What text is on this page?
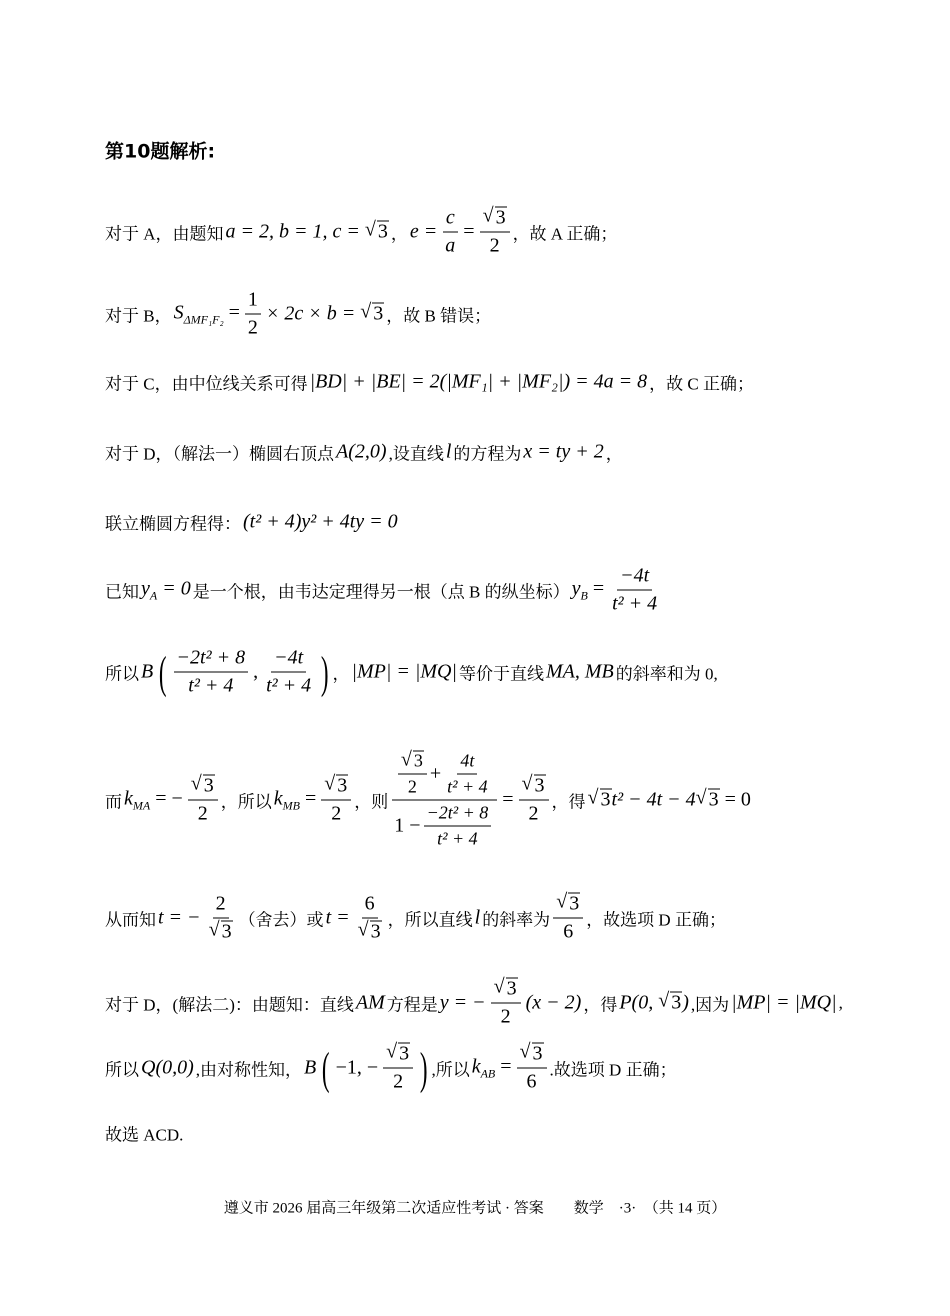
第10题解析:
对于 A，由题知 a = 2, b = 1, c = √ 3 ， $e = \frac{c}{a}$ = √ $\frac{3}{2}$ ，故 A 正确；
对于 B， $S_{\Delta MF_1F_2} = \frac{1}{2} \times 2c \times b$ = √ 3 ，故 B 错误；
对于 C，由中位线关系可得 |BD| + |BE| = 2(|MF₁| + |MF₂|) = 4a = 8 ，故 C 正确；
对于 D，（解法一）椭圆右顶点 A(2,0) ,设直线 l 的方程为 x = ty + 2 ，
联立椭圆方程得： (t² + 4)y² + 4ty = 0
已知 $y_A = 0$ 是一个根，由韦达定理得另一根（点 B 的纵坐标） $y_B = \frac{-4t}{\text{t² + 4}}$
所以 B ( $\frac{\text{−2t² + 8}}{\text{t² + 4}}$ , $\frac{-4t}{\text{t² + 4}}$ ) ， |MP| = |MQ| 等价于直线 MA, MB 的斜率和为 0,
而 $k_{MA}$ = − √ $\frac{3}{2}$ ，所以 $k_{MB}$ = √ $\frac{3}{2}$ ，则 √ $\frac{\frac{3}{2} + \frac{4t}{\text{t² + 4}}}{1 - \frac{\text{−2t² + 8}}{\text{t² + 4}}}$ = √ $\frac{3}{2}$ ，得 √ 3t² − 4t − 4 √ 3 = 0
从而知 t = − 2
√ 3 （舍去）或 t = 6
√ 3 ，所以直线 l 的斜率为 √ $\frac{3}{6}$ ，故选项 D 正确；
对于 D，(解法二)：由题知：直线 AM 方程是 y = − √ $\frac{3}{2} (x - 2)$ ，得 P(0, √ 3) ,因为 |MP| = |MQ| ,
所以 Q(0,0) ,由对称性知， B ( −1, − √ $\frac{3}{2}$ ) ,所以 $k_{AB}$ = √ $\frac{3}{6}$ .故选项 D 正确；
故选 ACD.
遵义市 2026 届高三年级第二次适应性考试 · 答案　　数学　·3·　（共 14 页）
